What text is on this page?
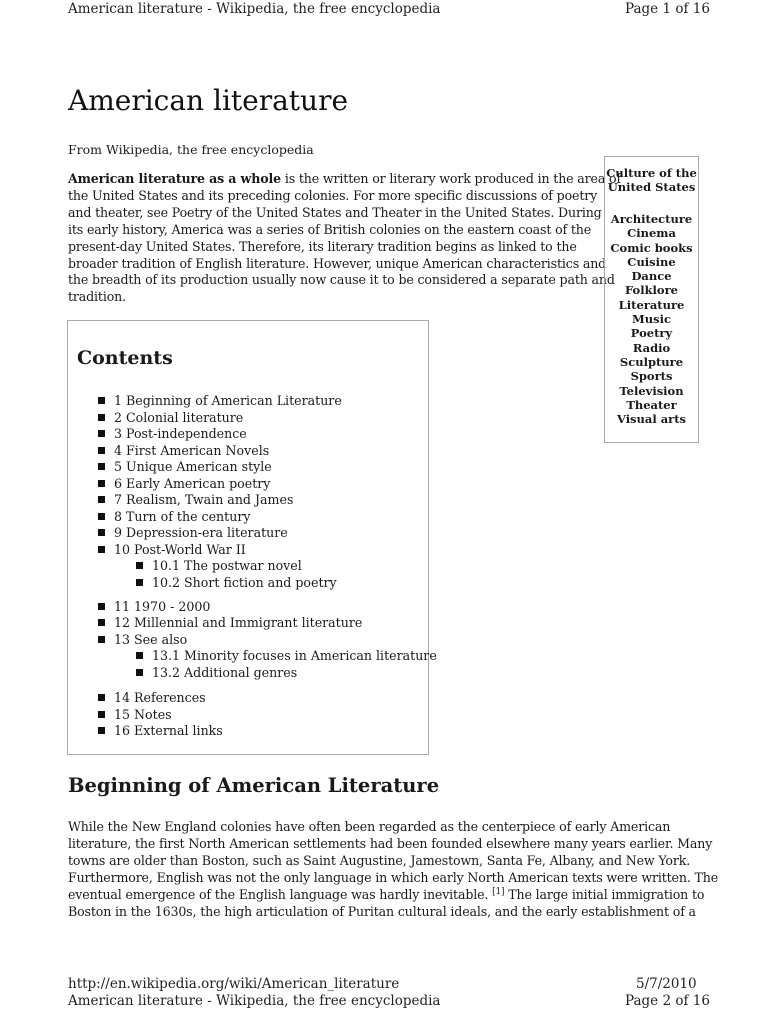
American literature - Wikipedia, the free encyclopedia	Page 1 of 16
American literature
From Wikipedia, the free encyclopedia

American literature as a whole is the written or literary work produced in the area of
the United States and its preceding colonies. For more specific discussions of poetry
and theater, see Poetry of the United States and Theater in the United States. During
its early history, America was a series of British colonies on the eastern coast of the
present-day United States. Therefore, its literary tradition begins as linked to the
broader tradition of English literature. However, unique American characteristics and
the breadth of its production usually now cause it to be considered a separate path and
tradition.

Culture of the
United States
Architecture
Cinema
Comic books
Cuisine
Dance
Folklore
Literature
Music
Poetry
Radio
Sculpture
Sports
Television
Theater
Visual arts
Contents
1 Beginning of American Literature
2 Colonial literature
3 Post-independence
4 First American Novels
5 Unique American style
6 Early American poetry
7 Realism, Twain and James
8 Turn of the century
9 Depression-era literature
10 Post-World War II
10.1 The postwar novel
10.2 Short fiction and poetry
11 1970 - 2000
12 Millennial and Immigrant literature
13 See also
13.1 Minority focuses in American literature
13.2 Additional genres
14 References
15 Notes
16 External links
Beginning of American Literature

While the New England colonies have often been regarded as the centerpiece of early American
literature, the first North American settlements had been founded elsewhere many years earlier. Many
towns are older than Boston, such as Saint Augustine, Jamestown, Santa Fe, Albany, and New York.
Furthermore, English was not the only language in which early North American texts were written. The
eventual emergence of the English language was hardly inevitable. [1] The large initial immigration to
Boston in the 1630s, the high articulation of Puritan cultural ideals, and the early establishment of a

http://en.wikipedia.org/wiki/American_literature	5/7/2010
American literature - Wikipedia, the free encyclopedia	Page 2 of 16
